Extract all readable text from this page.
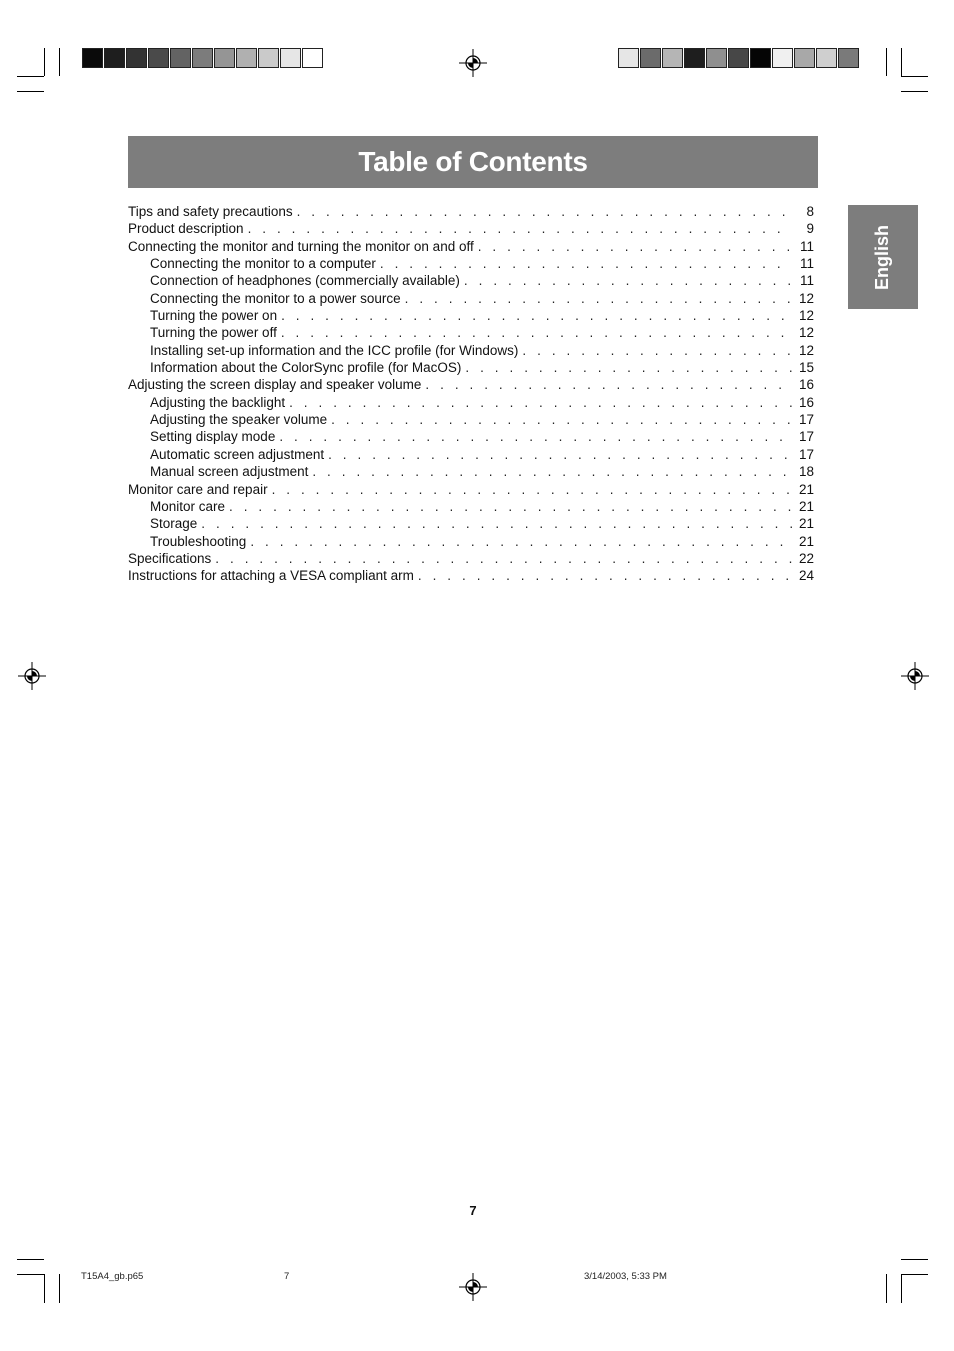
Table of Contents
English
Tips and safety precautions . . .	8
Product description . . .	9
Connecting the monitor and turning the monitor on and off . . .	11
Connecting the monitor to a computer . . .	11
Connection of headphones (commercially available) . . .	11
Connecting the monitor to a power source . . .	12
Turning the power on . . .	12
Turning the power off . . .	12
Installing set-up information and the ICC profile (for Windows) . . .	12
Information about the ColorSync profile (for MacOS) . . .	15
Adjusting the screen display and speaker volume . . .	16
Adjusting the backlight . . .	16
Adjusting the speaker volume . . .	17
Setting display mode . . .	17
Automatic screen adjustment . . .	17
Manual screen adjustment . . .	18
Monitor care and repair . . .	21
Monitor care . . .	21
Storage . . .	21
Troubleshooting . . .	21
Specifications . . .	22
Instructions for attaching a VESA compliant arm . . .	24
7
T15A4_gb.p65	7	3/14/2003, 5:33 PM
